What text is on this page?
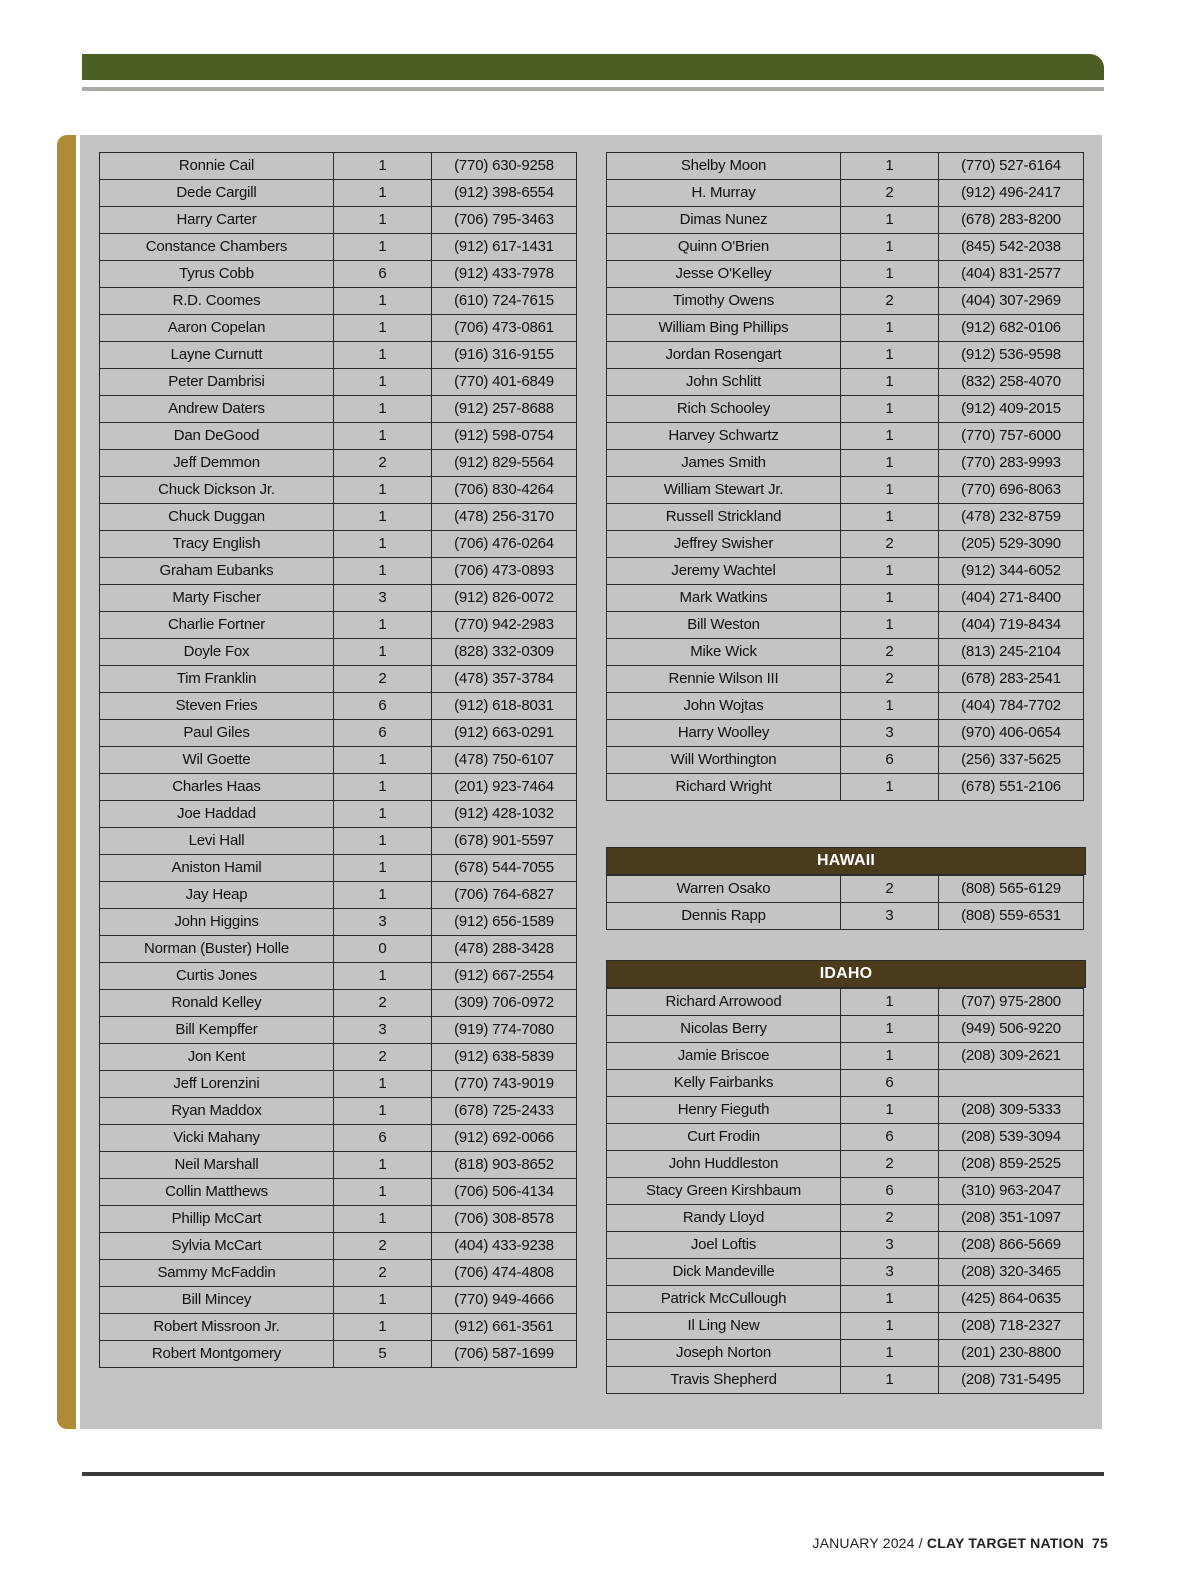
Ronnie Cail	1	(770) 630-9258
Dede Cargill	1	(912) 398-6554
Harry Carter	1	(706) 795-3463
Constance Chambers	1	(912) 617-1431
Tyrus Cobb	6	(912) 433-7978
R.D. Coomes	1	(610) 724-7615
Aaron Copelan	1	(706) 473-0861
Layne Curnutt	1	(916) 316-9155
Peter Dambrisi	1	(770) 401-6849
Andrew Daters	1	(912) 257-8688
Dan DeGood	1	(912) 598-0754
Jeff Demmon	2	(912) 829-5564
Chuck Dickson Jr.	1	(706) 830-4264
Chuck Duggan	1	(478) 256-3170
Tracy English	1	(706) 476-0264
Graham Eubanks	1	(706) 473-0893
Marty Fischer	3	(912) 826-0072
Charlie Fortner	1	(770) 942-2983
Doyle Fox	1	(828) 332-0309
Tim Franklin	2	(478) 357-3784
Steven Fries	6	(912) 618-8031
Paul Giles	6	(912) 663-0291
Wil Goette	1	(478) 750-6107
Charles Haas	1	(201) 923-7464
Joe Haddad	1	(912) 428-1032
Levi Hall	1	(678) 901-5597
Aniston Hamil	1	(678) 544-7055
Jay Heap	1	(706) 764-6827
John Higgins	3	(912) 656-1589
Norman (Buster) Holle	0	(478) 288-3428
Curtis Jones	1	(912) 667-2554
Ronald Kelley	2	(309) 706-0972
Bill Kempffer	3	(919) 774-7080
Jon Kent	2	(912) 638-5839
Jeff Lorenzini	1	(770) 743-9019
Ryan Maddox	1	(678) 725-2433
Vicki Mahany	6	(912) 692-0066
Neil Marshall	1	(818) 903-8652
Collin Matthews	1	(706) 506-4134
Phillip McCart	1	(706) 308-8578
Sylvia McCart	2	(404) 433-9238
Sammy McFaddin	2	(706) 474-4808
Bill Mincey	1	(770) 949-4666
Robert Missroon Jr.	1	(912) 661-3561
Robert Montgomery	5	(706) 587-1699
Shelby Moon	1	(770) 527-6164
H. Murray	2	(912) 496-2417
Dimas Nunez	1	(678) 283-8200
Quinn O'Brien	1	(845) 542-2038
Jesse O'Kelley	1	(404) 831-2577
Timothy Owens	2	(404) 307-2969
William Bing Phillips	1	(912) 682-0106
Jordan Rosengart	1	(912) 536-9598
John Schlitt	1	(832) 258-4070
Rich Schooley	1	(912) 409-2015
Harvey Schwartz	1	(770) 757-6000
James Smith	1	(770) 283-9993
William Stewart Jr.	1	(770) 696-8063
Russell Strickland	1	(478) 232-8759
Jeffrey Swisher	2	(205) 529-3090
Jeremy Wachtel	1	(912) 344-6052
Mark Watkins	1	(404) 271-8400
Bill Weston	1	(404) 719-8434
Mike Wick	2	(813) 245-2104
Rennie Wilson III	2	(678) 283-2541
John Wojtas	1	(404) 784-7702
Harry Woolley	3	(970) 406-0654
Will Worthington	6	(256) 337-5625
Richard Wright	1	(678) 551-2106
HAWAII
Warren Osako	2	(808) 565-6129
Dennis Rapp	3	(808) 559-6531
IDAHO
Richard Arrowood	1	(707) 975-2800
Nicolas Berry	1	(949) 506-9220
Jamie Briscoe	1	(208) 309-2621
Kelly Fairbanks	6	
Henry Fieguth	1	(208) 309-5333
Curt Frodin	6	(208) 539-3094
John Huddleston	2	(208) 859-2525
Stacy Green Kirshbaum	6	(310) 963-2047
Randy Lloyd	2	(208) 351-1097
Joel Loftis	3	(208) 866-5669
Dick Mandeville	3	(208) 320-3465
Patrick McCullough	1	(425) 864-0635
Il Ling New	1	(208) 718-2327
Joseph Norton	1	(201) 230-8800
Travis Shepherd	1	(208) 731-5495
JANUARY 2024 / CLAY TARGET NATION 75
